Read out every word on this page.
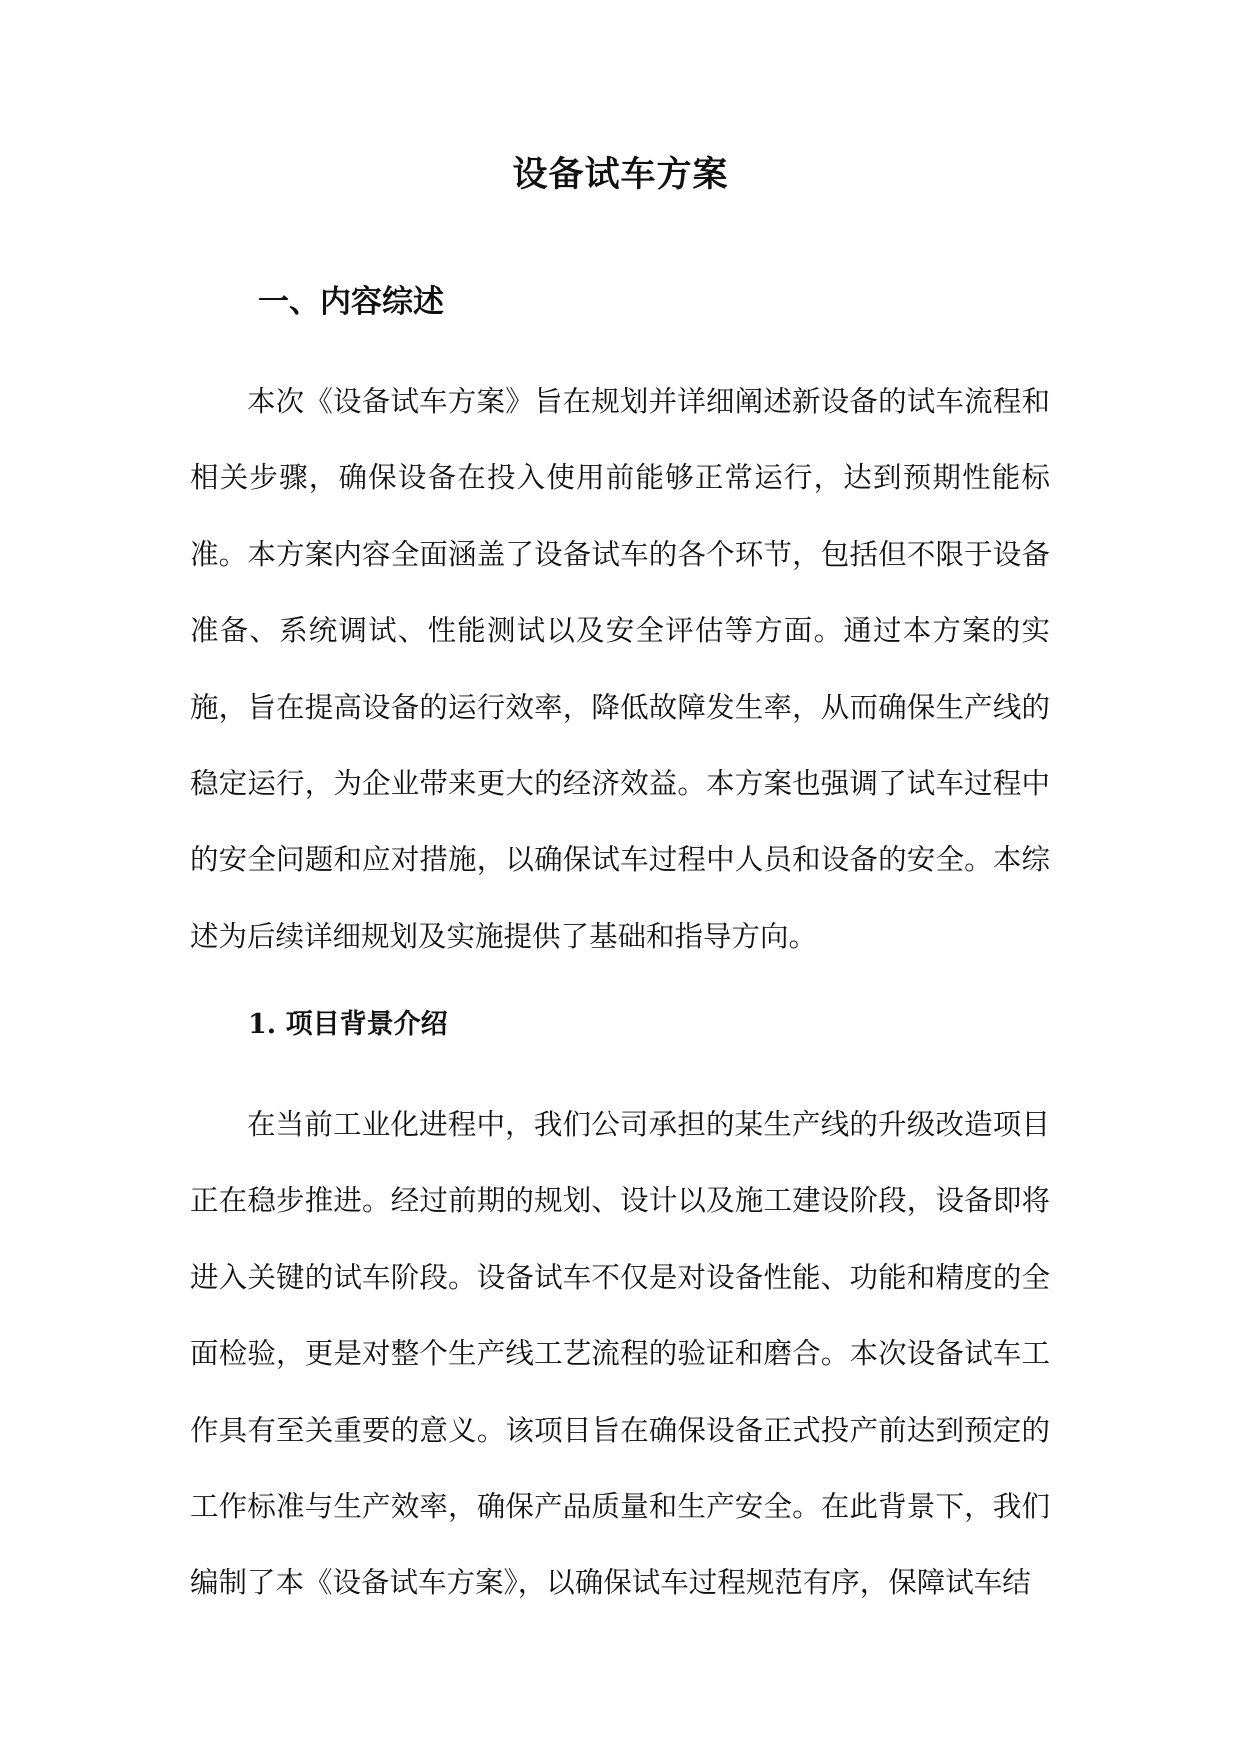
设备试车方案
一、内容综述

本次《设备试车方案》旨在规划并详细阐述新设备的试车流程和相关步骤，确保设备在投入使用前能够正常运行，达到预期性能标准。本方案内容全面涵盖了设备试车的各个环节，包括但不限于设备准备、系统调试、性能测试以及安全评估等方面。通过本方案的实施，旨在提高设备的运行效率，降低故障发生率，从而确保生产线的稳定运行，为企业带来更大的经济效益。本方案也强调了试车过程中的安全问题和应对措施，以确保试车过程中人员和设备的安全。本综述为后续详细规划及实施提供了基础和指导方向。

1. 项目背景介绍

在当前工业化进程中，我们公司承担的某生产线的升级改造项目正在稳步推进。经过前期的规划、设计以及施工建设阶段，设备即将进入关键的试车阶段。设备试车不仅是对设备性能、功能和精度的全面检验，更是对整个生产线工艺流程的验证和磨合。本次设备试车工作具有至关重要的意义。该项目旨在确保设备正式投产前达到预定的工作标准与生产效率，确保产品质量和生产安全。在此背景下，我们编制了本《设备试车方案》，以确保试车过程规范有序，保障试车结
